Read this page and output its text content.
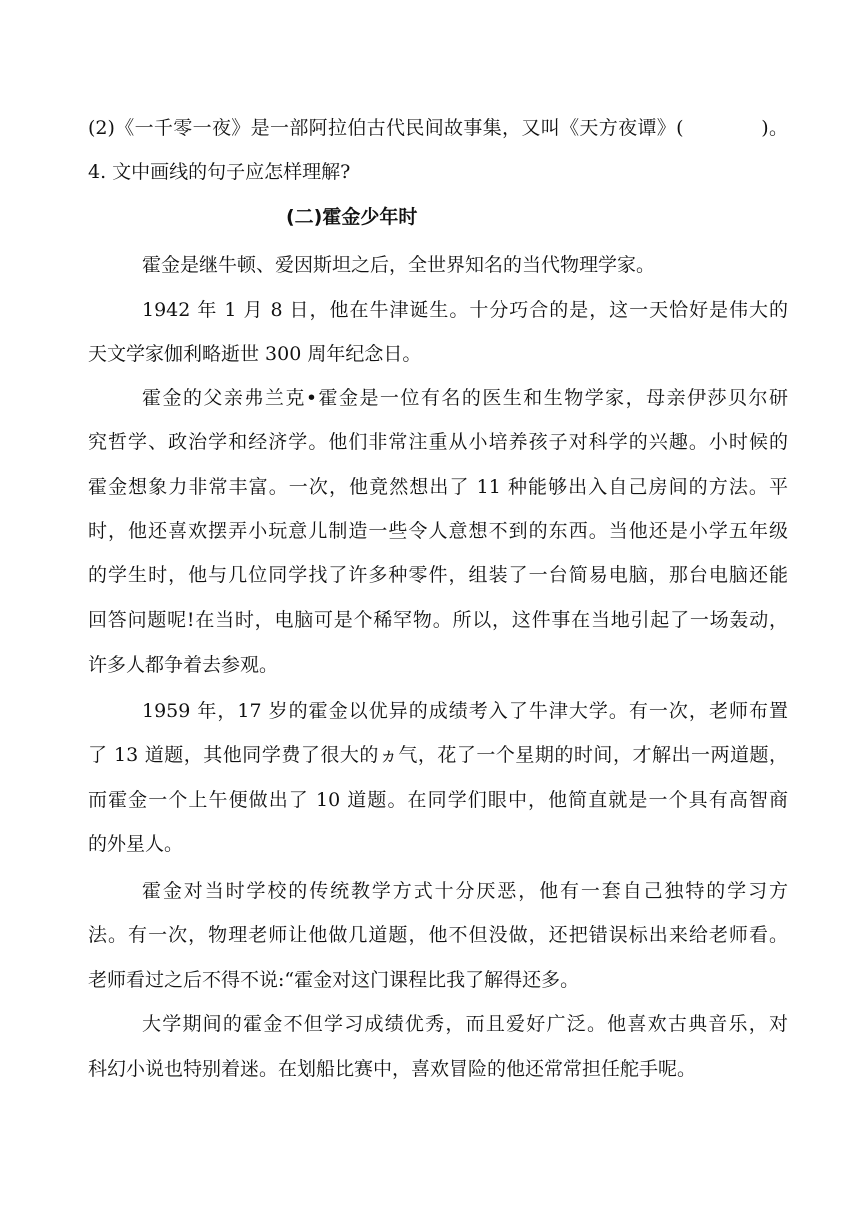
(2)《一千零一夜》是一部阿拉伯古代民间故事集，又叫《天方夜谭》(　　　　)。
4. 文中画线的句子应怎样理解?
(二)霍金少年时
霍金是继牛顿、爱因斯坦之后，全世界知名的当代物理学家。
1942 年 1 月 8 日，他在牛津诞生。十分巧合的是，这一天恰好是伟大的
天文学家伽利略逝世 300 周年纪念日。
霍金的父亲弗兰克•霍金是一位有名的医生和生物学家，母亲伊莎贝尔研
究哲学、政治学和经济学。他们非常注重从小培养孩子对科学的兴趣。小时候的
霍金想象力非常丰富。一次，他竟然想出了 11 种能够出入自己房间的方法。平
时，他还喜欢摆弄小玩意儿制造一些令人意想不到的东西。当他还是小学五年级
的学生时，他与几位同学找了许多种零件，组装了一台简易电脑，那台电脑还能
回答问题呢!在当时，电脑可是个稀罕物。所以，这件事在当地引起了一场轰动，
许多人都争着去参观。
1959 年，17 岁的霍金以优异的成绩考入了牛津大学。有一次，老师布置
了 13 道题，其他同学费了很大的ヵ气，花了一个星期的时间，才解出一两道题，
而霍金一个上午便做出了 10 道题。在同学们眼中，他简直就是一个具有高智商
的外星人。
霍金对当时学校的传统教学方式十分厌恶，他有一套自己独特的学习方
法。有一次，物理老师让他做几道题，他不但没做，还把错误标出来给老师看。
老师看过之后不得不说:“霍金对这门课程比我了解得还多。
大学期间的霍金不但学习成绩优秀，而且爱好广泛。他喜欢古典音乐，对
科幻小说也特别着迷。在划船比赛中，喜欢冒险的他还常常担任舵手呢。
